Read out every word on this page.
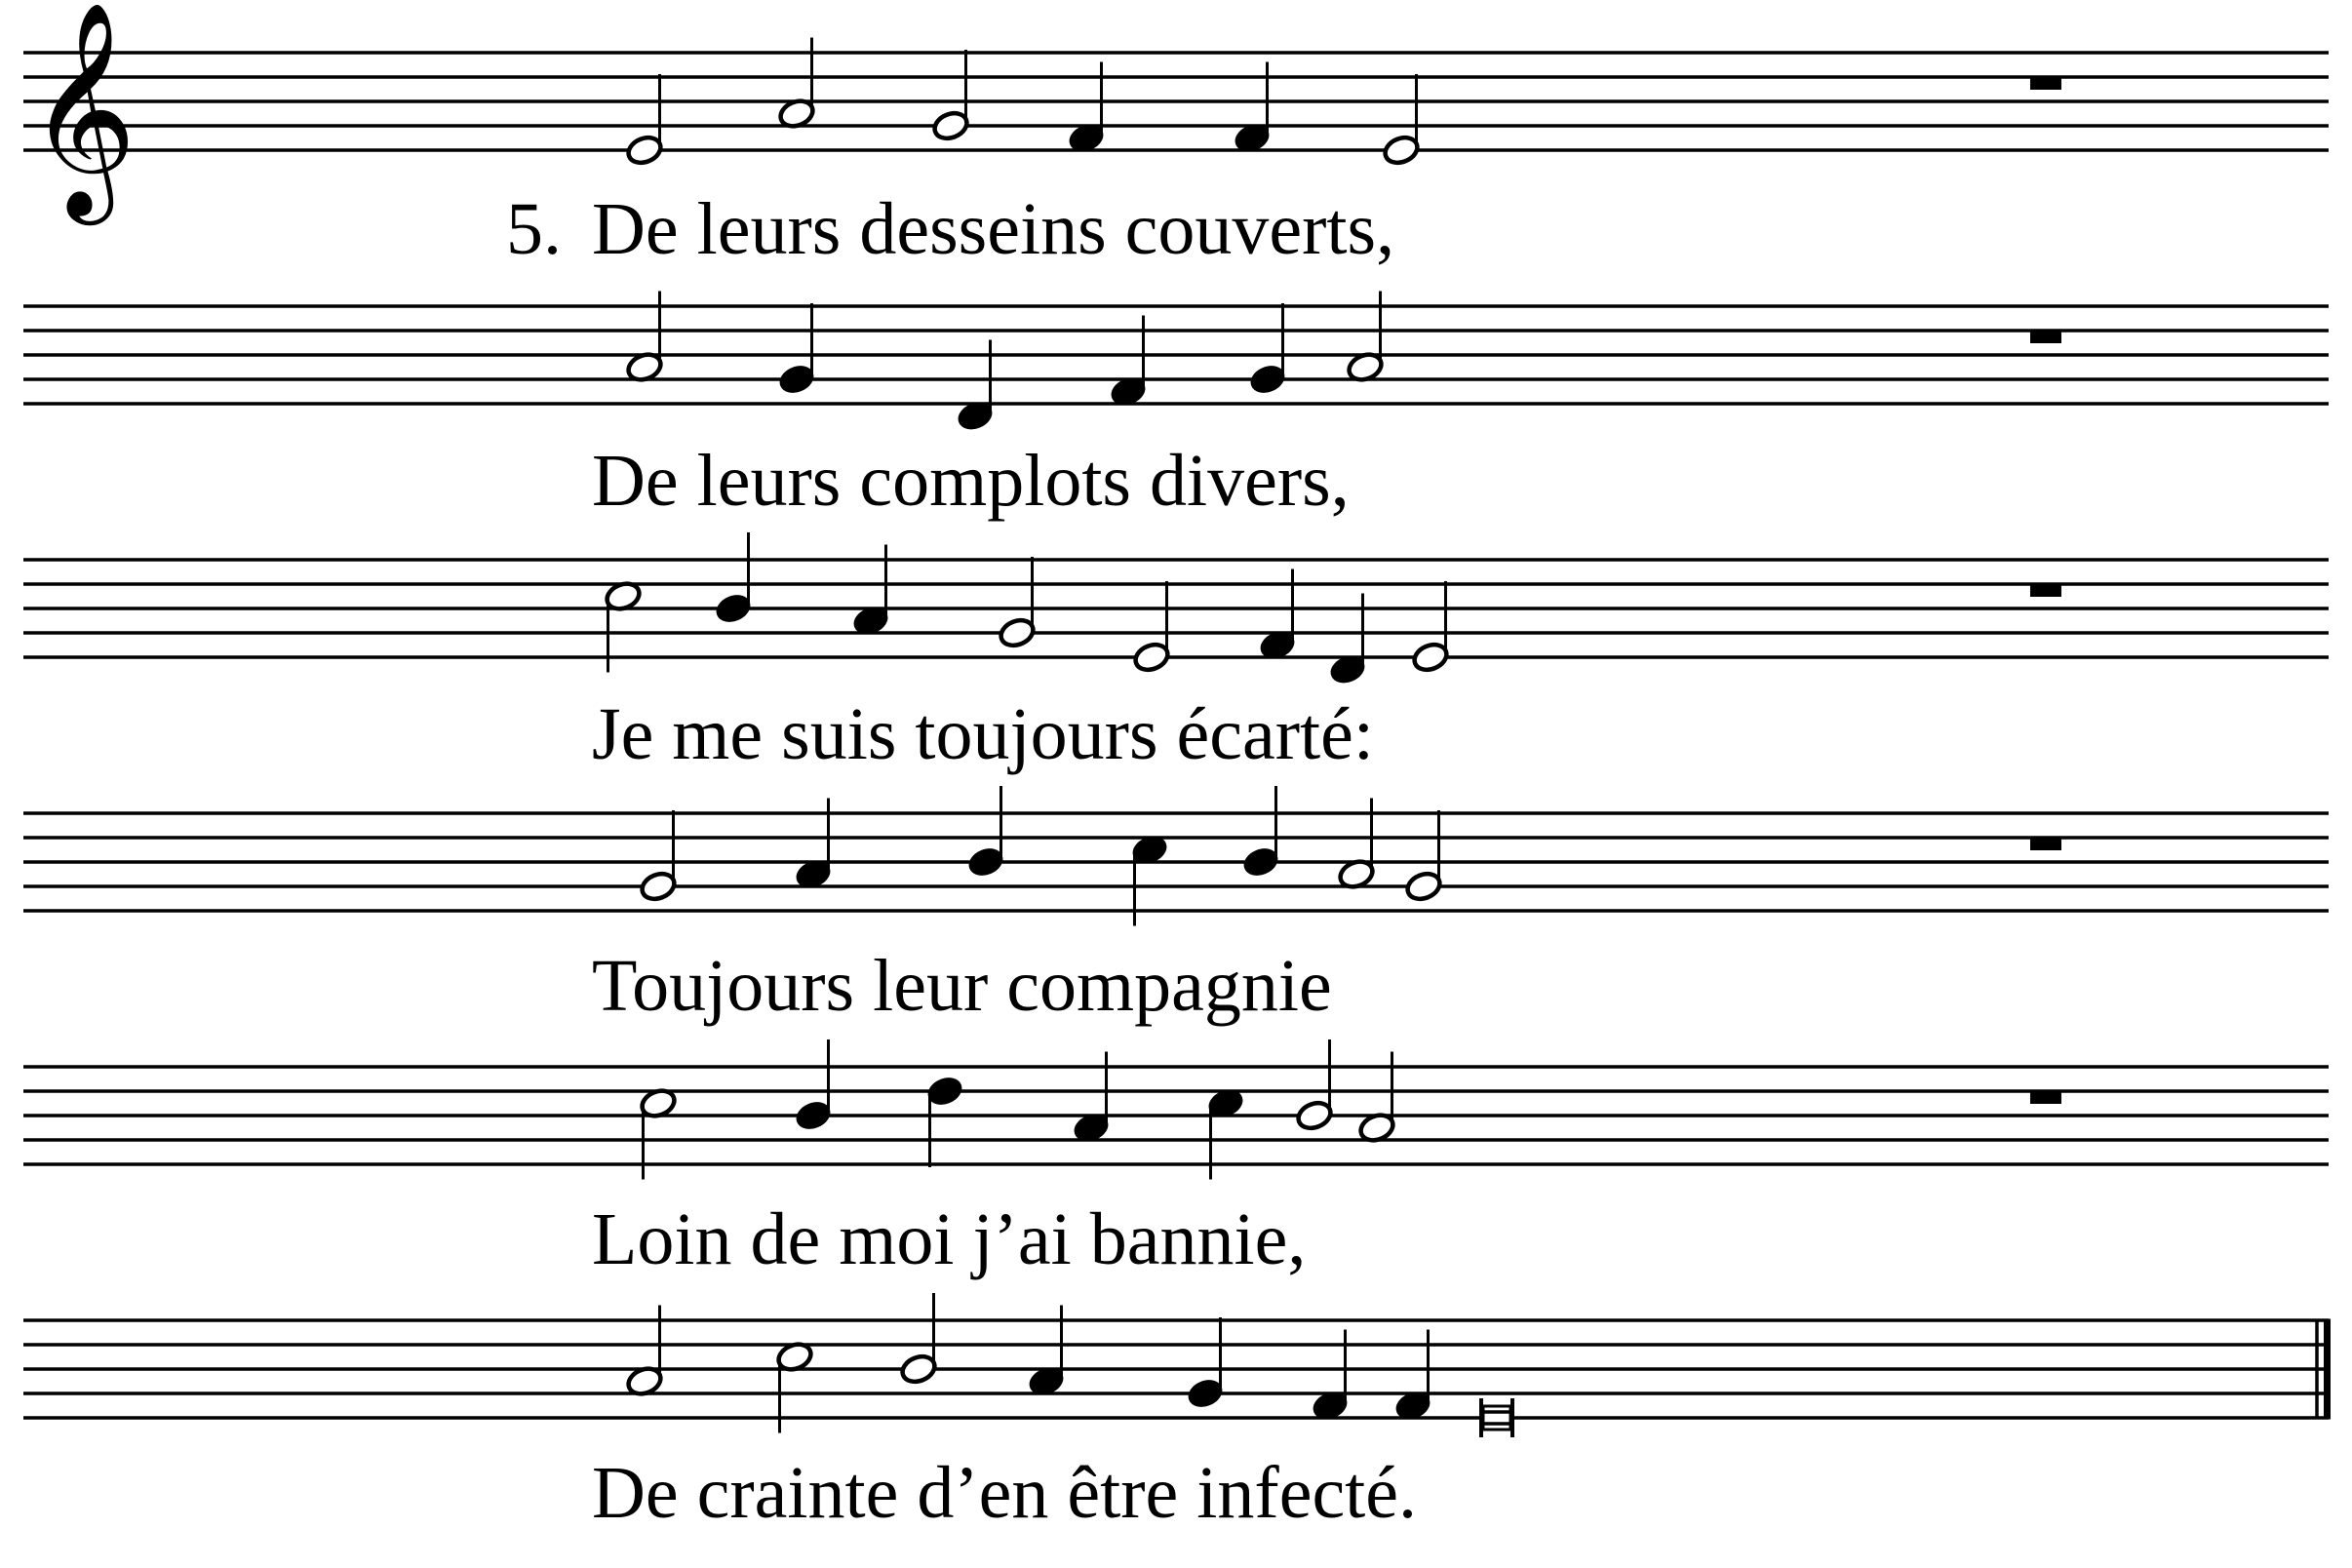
𝄞
De leurs desseins couverts,
De leurs complots divers,
Je me suis toujours écarté:
Toujours leur compagnie
Loin de moi j’ai bannie,
De crainte d’en être infecté.
5.
